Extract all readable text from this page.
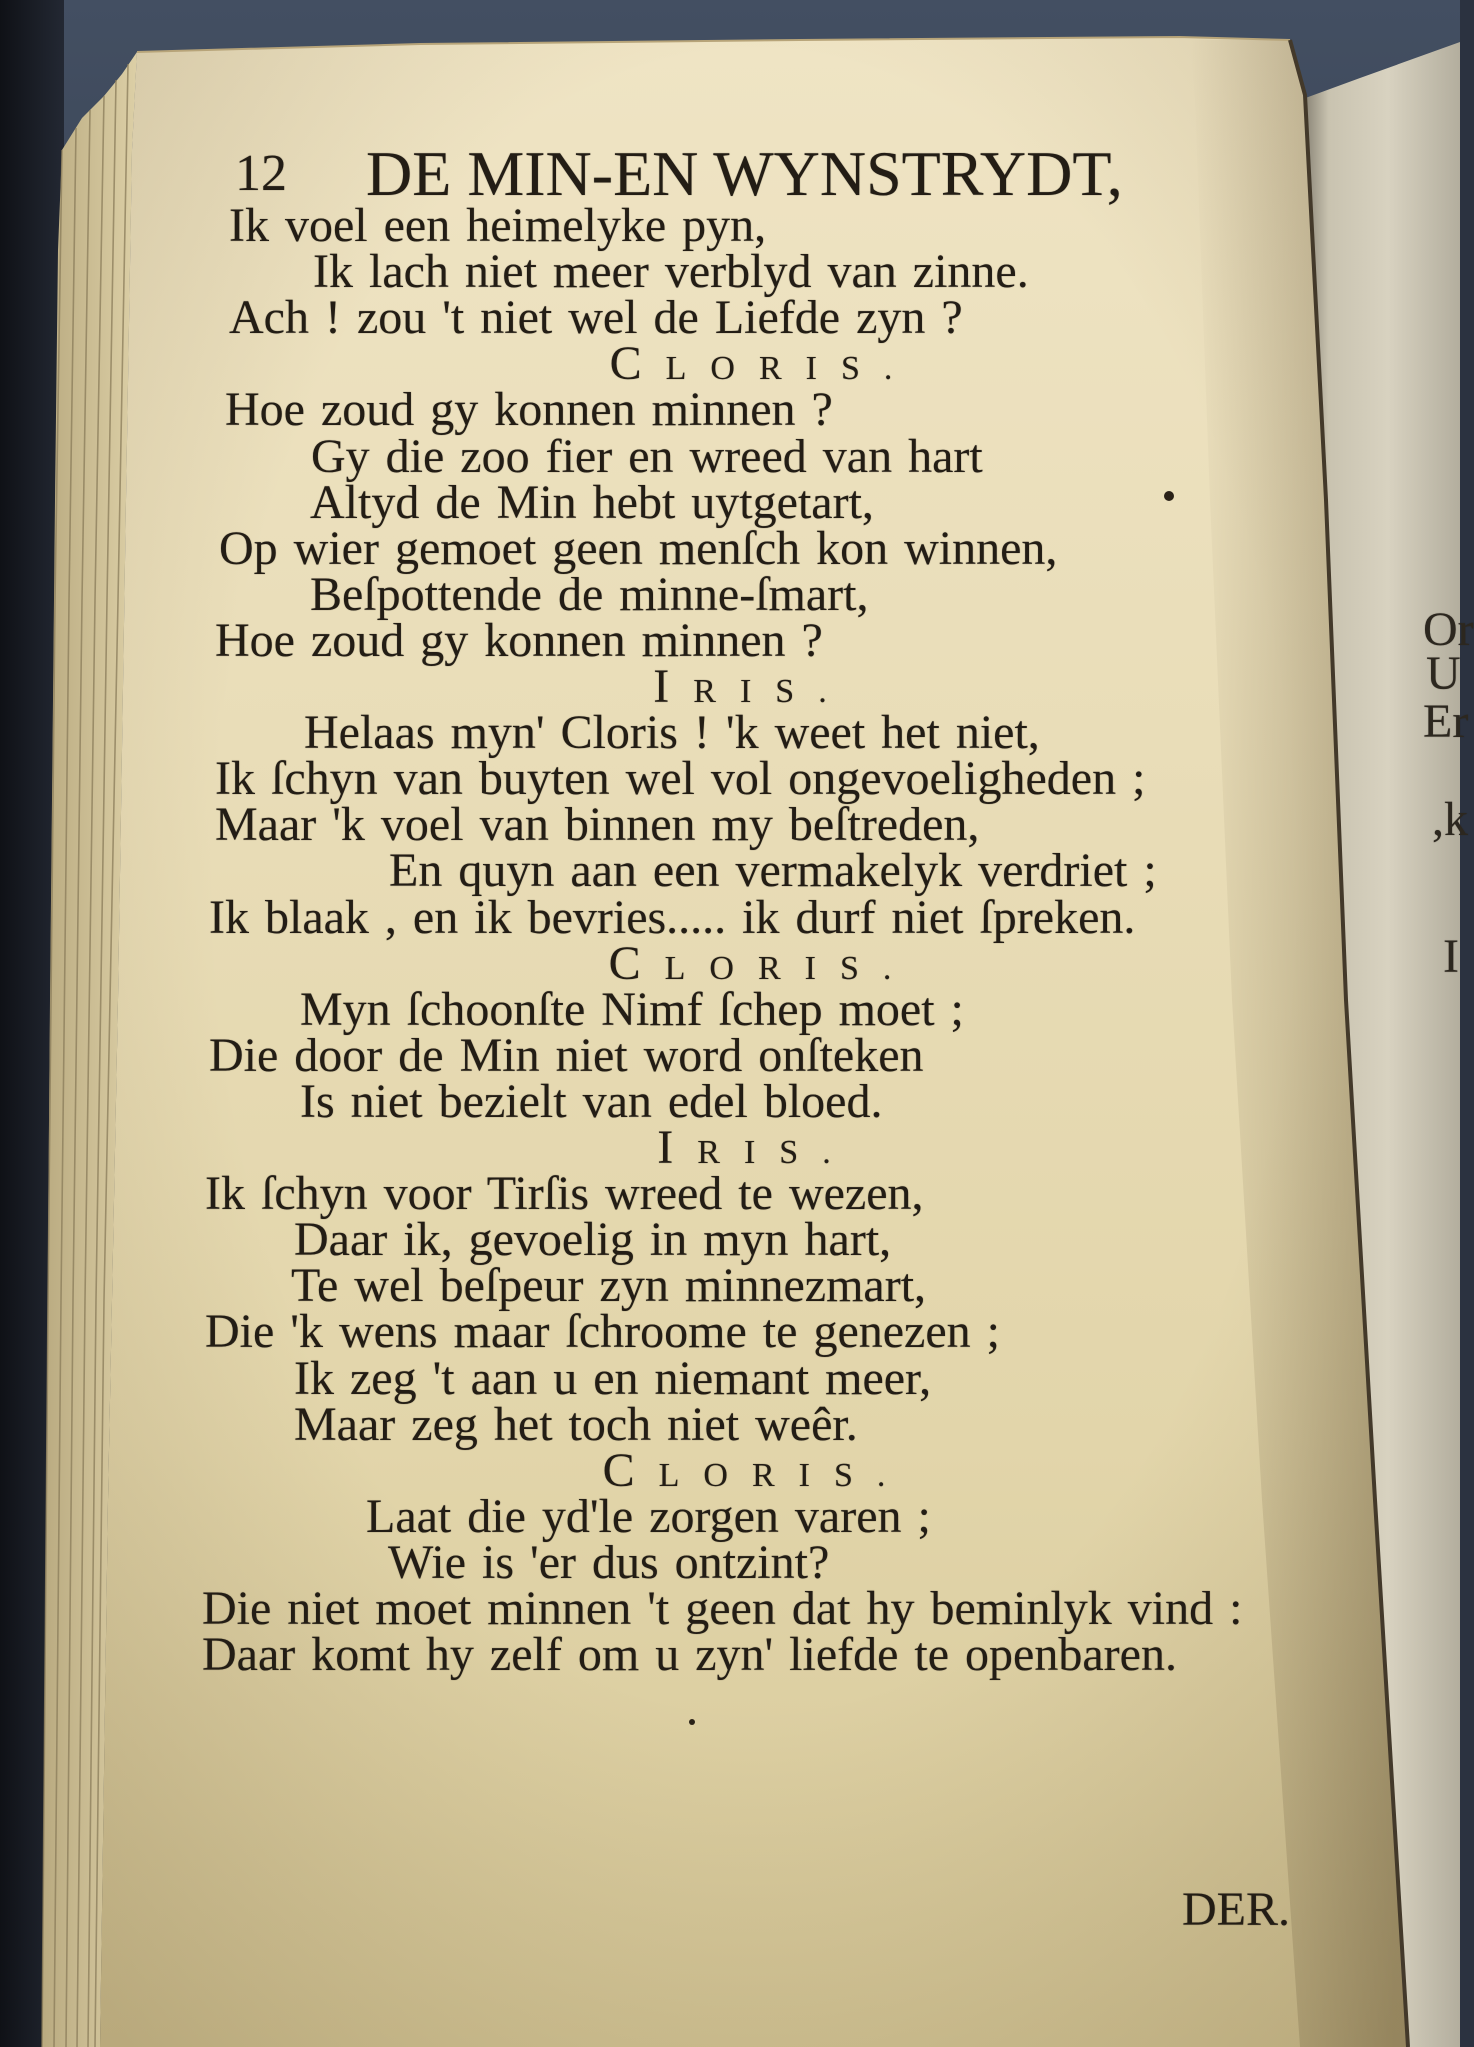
12 DE MIN-EN WYNSTRYDT,
Ik voel een heimelyke pyn,
Ik lach niet meer verblyd van zinne.
Ach ! zou 't niet wel de Liefde zyn ?
CLORIS.
Hoe zoud gy konnen minnen ?
Gy die zoo fier en wreed van hart
Altyd de Min hebt uytgetart,
Op wier gemoet geen menſch kon winnen,
Beſpottende de minne-ſmart,
Hoe zoud gy konnen minnen ?
IRIS.
Helaas myn' Cloris ! 'k weet het niet,
Ik ſchyn van buyten wel vol ongevoeligheden ;
Maar 'k voel van binnen my beſtreden,
En quyn aan een vermakelyk verdriet ;
Ik blaak , en ik bevries..... ik durf niet ſpreken.
CLORIS.
Myn ſchoonſte Nimf ſchep moet ;
Die door de Min niet word onſteken
Is niet bezielt van edel bloed.
IRIS.
Ik ſchyn voor Tirſis wreed te wezen,
Daar ik, gevoelig in myn hart,
Te wel beſpeur zyn minnezmart,
Die 'k wens maar ſchroome te genezen ;
Ik zeg 't aan u en niemant meer,
Maar zeg het toch niet weêr.
CLORIS.
Laat die yd'le zorgen varen ;
Wie is 'er dus ontzint?
Die niet moet minnen 't geen dat hy beminlyk vind :
Daar komt hy zelf om u zyn' liefde te openbaren.
DER.
Or
U
Er
,k
I
